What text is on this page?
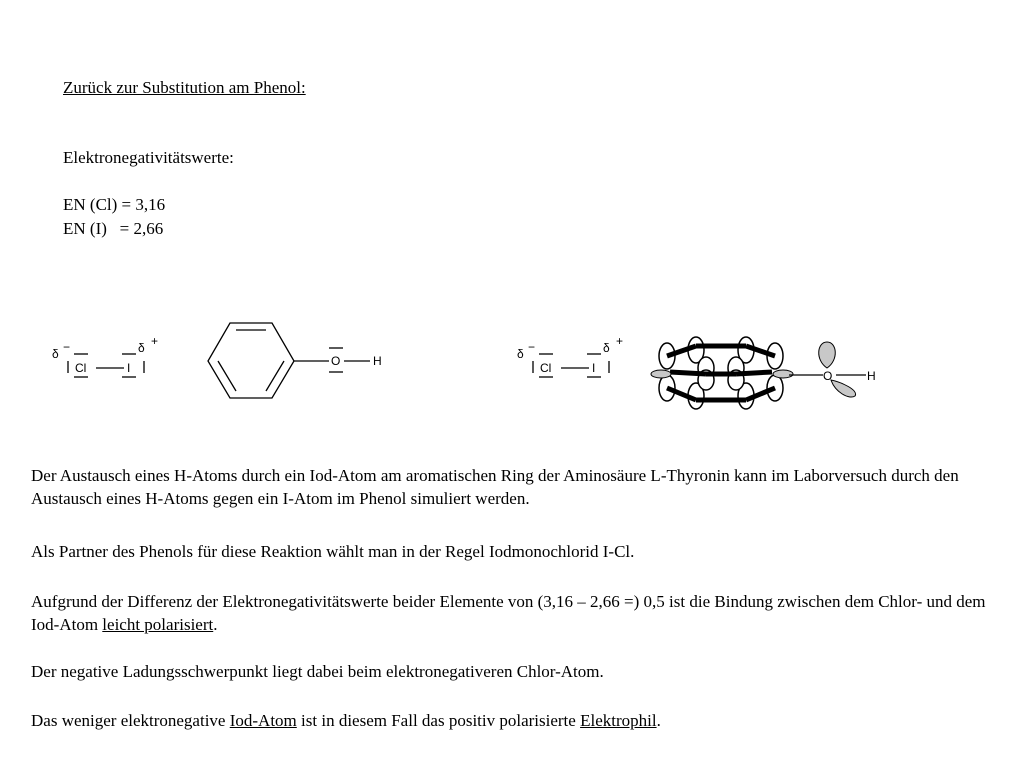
Zurück zur Substitution am Phenol:
Elektronegativitätswerte:
EN (Cl) = 3,16
EN (I)   = 2,66
δ −	δ +
Cl	I	O	H	δ −	δ +
Cl	I
O	H
Der Austausch eines H-Atoms durch ein Iod-Atom am aromatischen Ring der Aminosäure L-Thyronin kann im Laborversuch durch den Austausch eines H-Atoms gegen ein I-Atom im Phenol simuliert werden.
Als Partner des Phenols für diese Reaktion wählt man in der Regel Iodmonochlorid I-Cl.
Aufgrund der Differenz der Elektronegativitätswerte beider Elemente von (3,16 – 2,66 =) 0,5 ist die Bindung zwischen dem Chlor- und dem Iod-Atom leicht polarisiert.
Der negative Ladungsschwerpunkt liegt dabei beim elektronegativeren Chlor-Atom.
Das weniger elektronegative Iod-Atom ist in diesem Fall das positiv polarisierte Elektrophil.
